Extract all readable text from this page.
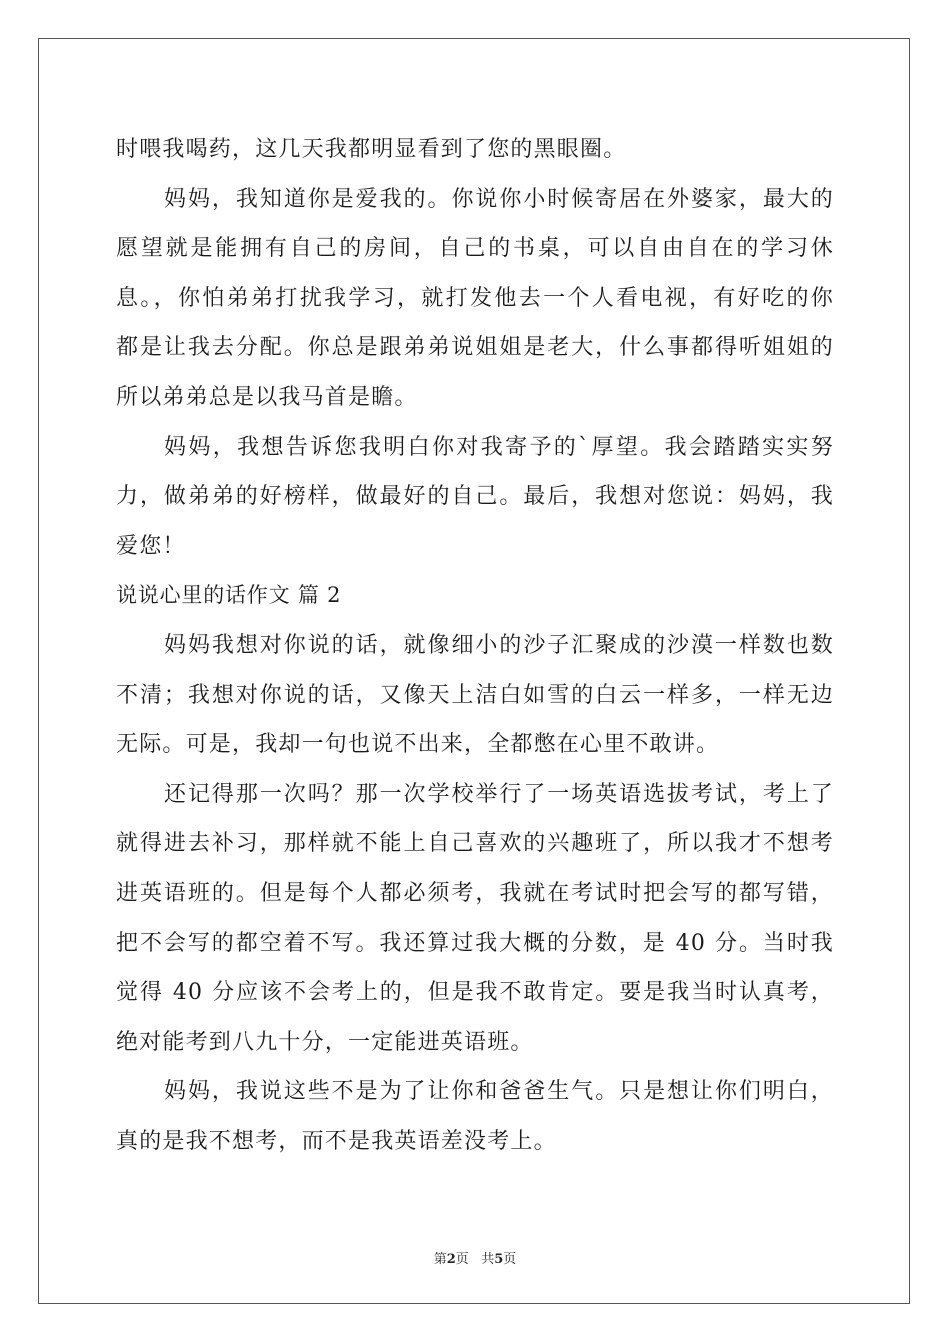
时喂我喝药，这几天我都明显看到了您的黑眼圈。
妈妈，我知道你是爱我的。你说你小时候寄居在外婆家，最大的
愿望就是能拥有自己的房间，自己的书桌，可以自由自在的学习休
息。，你怕弟弟打扰我学习，就打发他去一个人看电视，有好吃的你
都是让我去分配。你总是跟弟弟说姐姐是老大，什么事都得听姐姐的
所以弟弟总是以我马首是瞻。
妈妈，我想告诉您我明白你对我寄予的`厚望。我会踏踏实实努
力，做弟弟的好榜样，做最好的自己。最后，我想对您说：妈妈，我
爱您！
说说心里的话作文 篇 2
妈妈我想对你说的话，就像细小的沙子汇聚成的沙漠一样数也数
不清；我想对你说的话，又像天上洁白如雪的白云一样多，一样无边
无际。可是，我却一句也说不出来，全都憋在心里不敢讲。
还记得那一次吗？那一次学校举行了一场英语选拔考试，考上了
就得进去补习，那样就不能上自己喜欢的兴趣班了，所以我才不想考
进英语班的。但是每个人都必须考，我就在考试时把会写的都写错，
把不会写的都空着不写。我还算过我大概的分数，是 40 分。当时我
觉得 40 分应该不会考上的，但是我不敢肯定。要是我当时认真考，
绝对能考到八九十分，一定能进英语班。
妈妈，我说这些不是为了让你和爸爸生气。只是想让你们明白，
真的是我不想考，而不是我英语差没考上。
第2页 共5页
